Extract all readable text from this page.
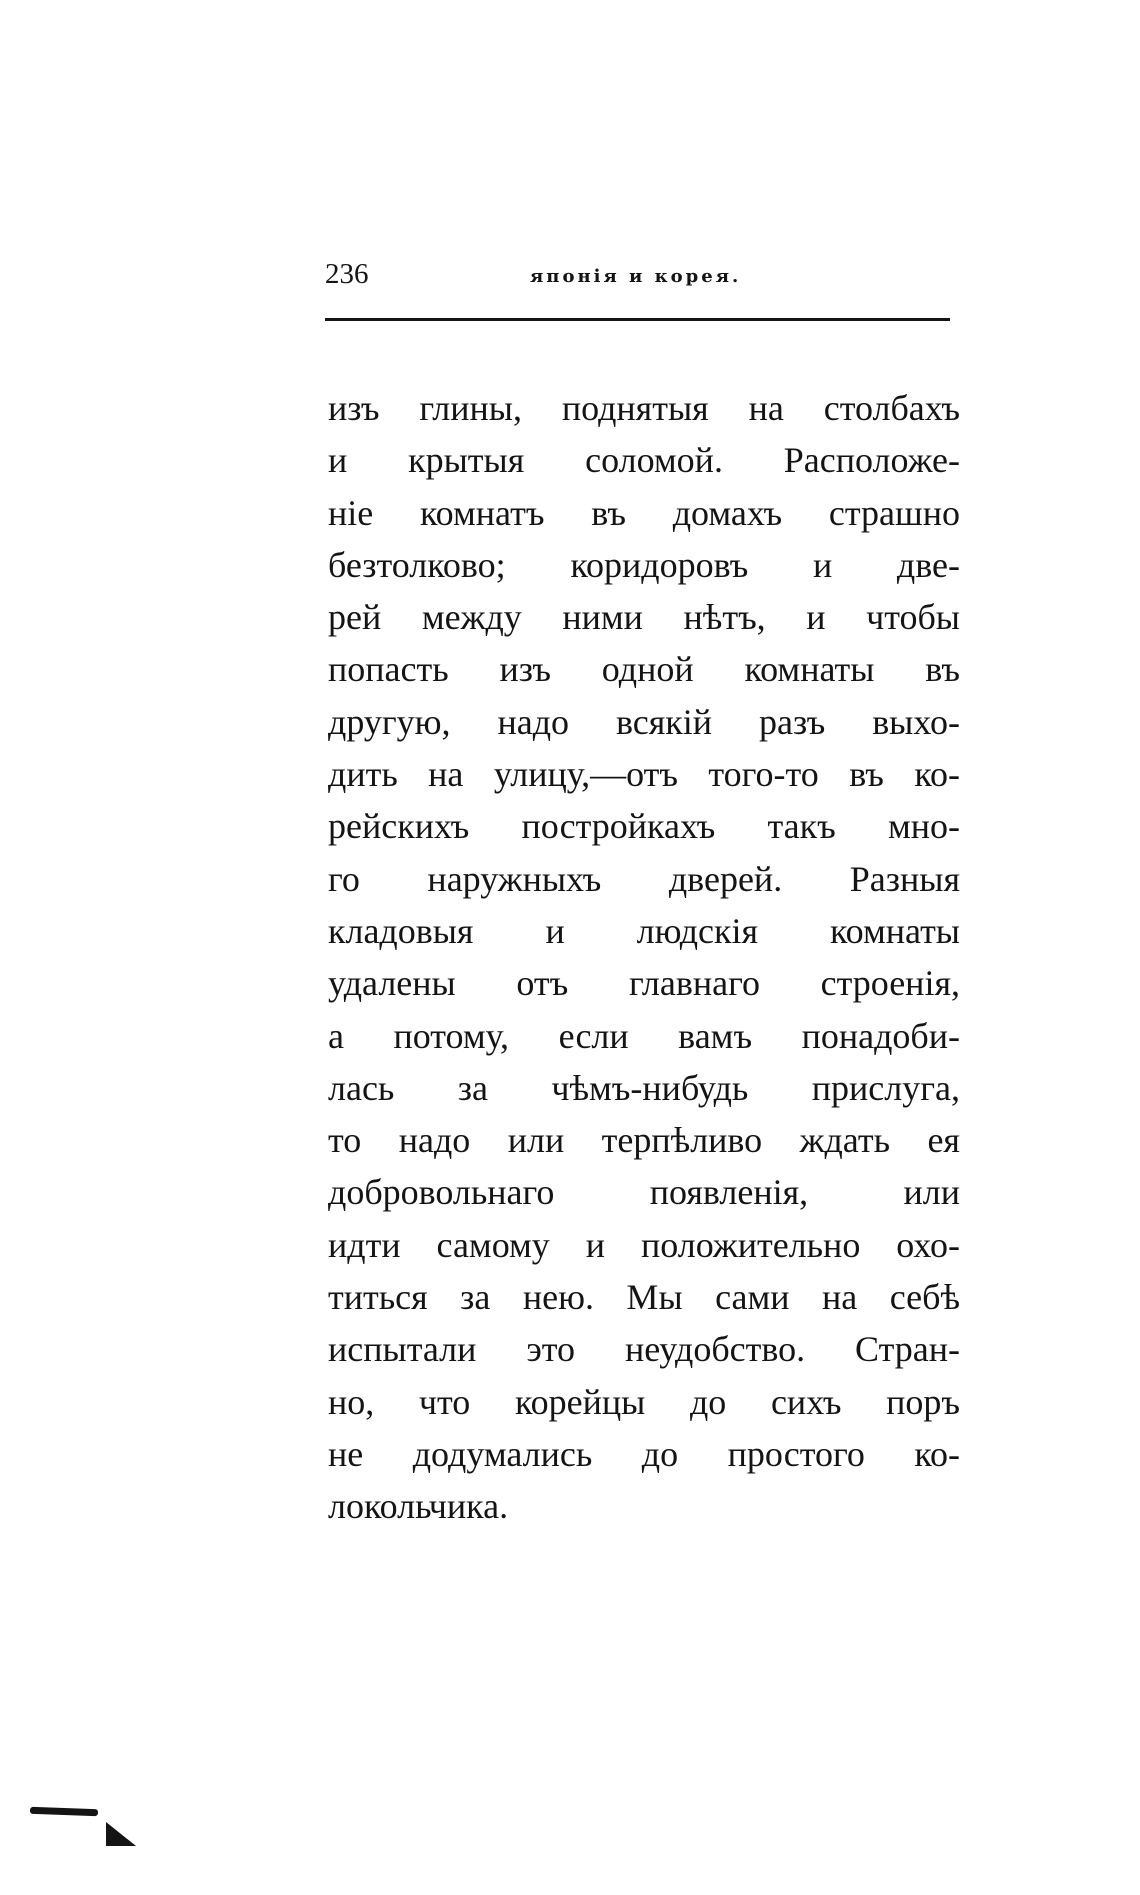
236	японія и корея.
изъ глины, поднятыя на столбахъ
и крытыя соломой. Расположе-
ніе комнатъ въ домахъ страшно
безтолково; коридоровъ и две-
рей между ними нѣтъ, и чтобы
попасть изъ одной комнаты въ
другую, надо всякій разъ выхо-
дить на улицу,—отъ того-то въ ко-
рейскихъ постройкахъ такъ мно-
го наружныхъ дверей. Разныя
кладовыя и людскія комнаты
удалены отъ главнаго строенія,
а потому, если вамъ понадоби-
лась за чѣмъ-нибудь прислуга,
то надо или терпѣливо ждать ея
добровольнаго появленія, или
идти самому и положительно охо-
титься за нею. Мы сами на себѣ
испытали это неудобство. Стран-
но, что корейцы до сихъ поръ
не додумались до простого ко-
локольчика.
